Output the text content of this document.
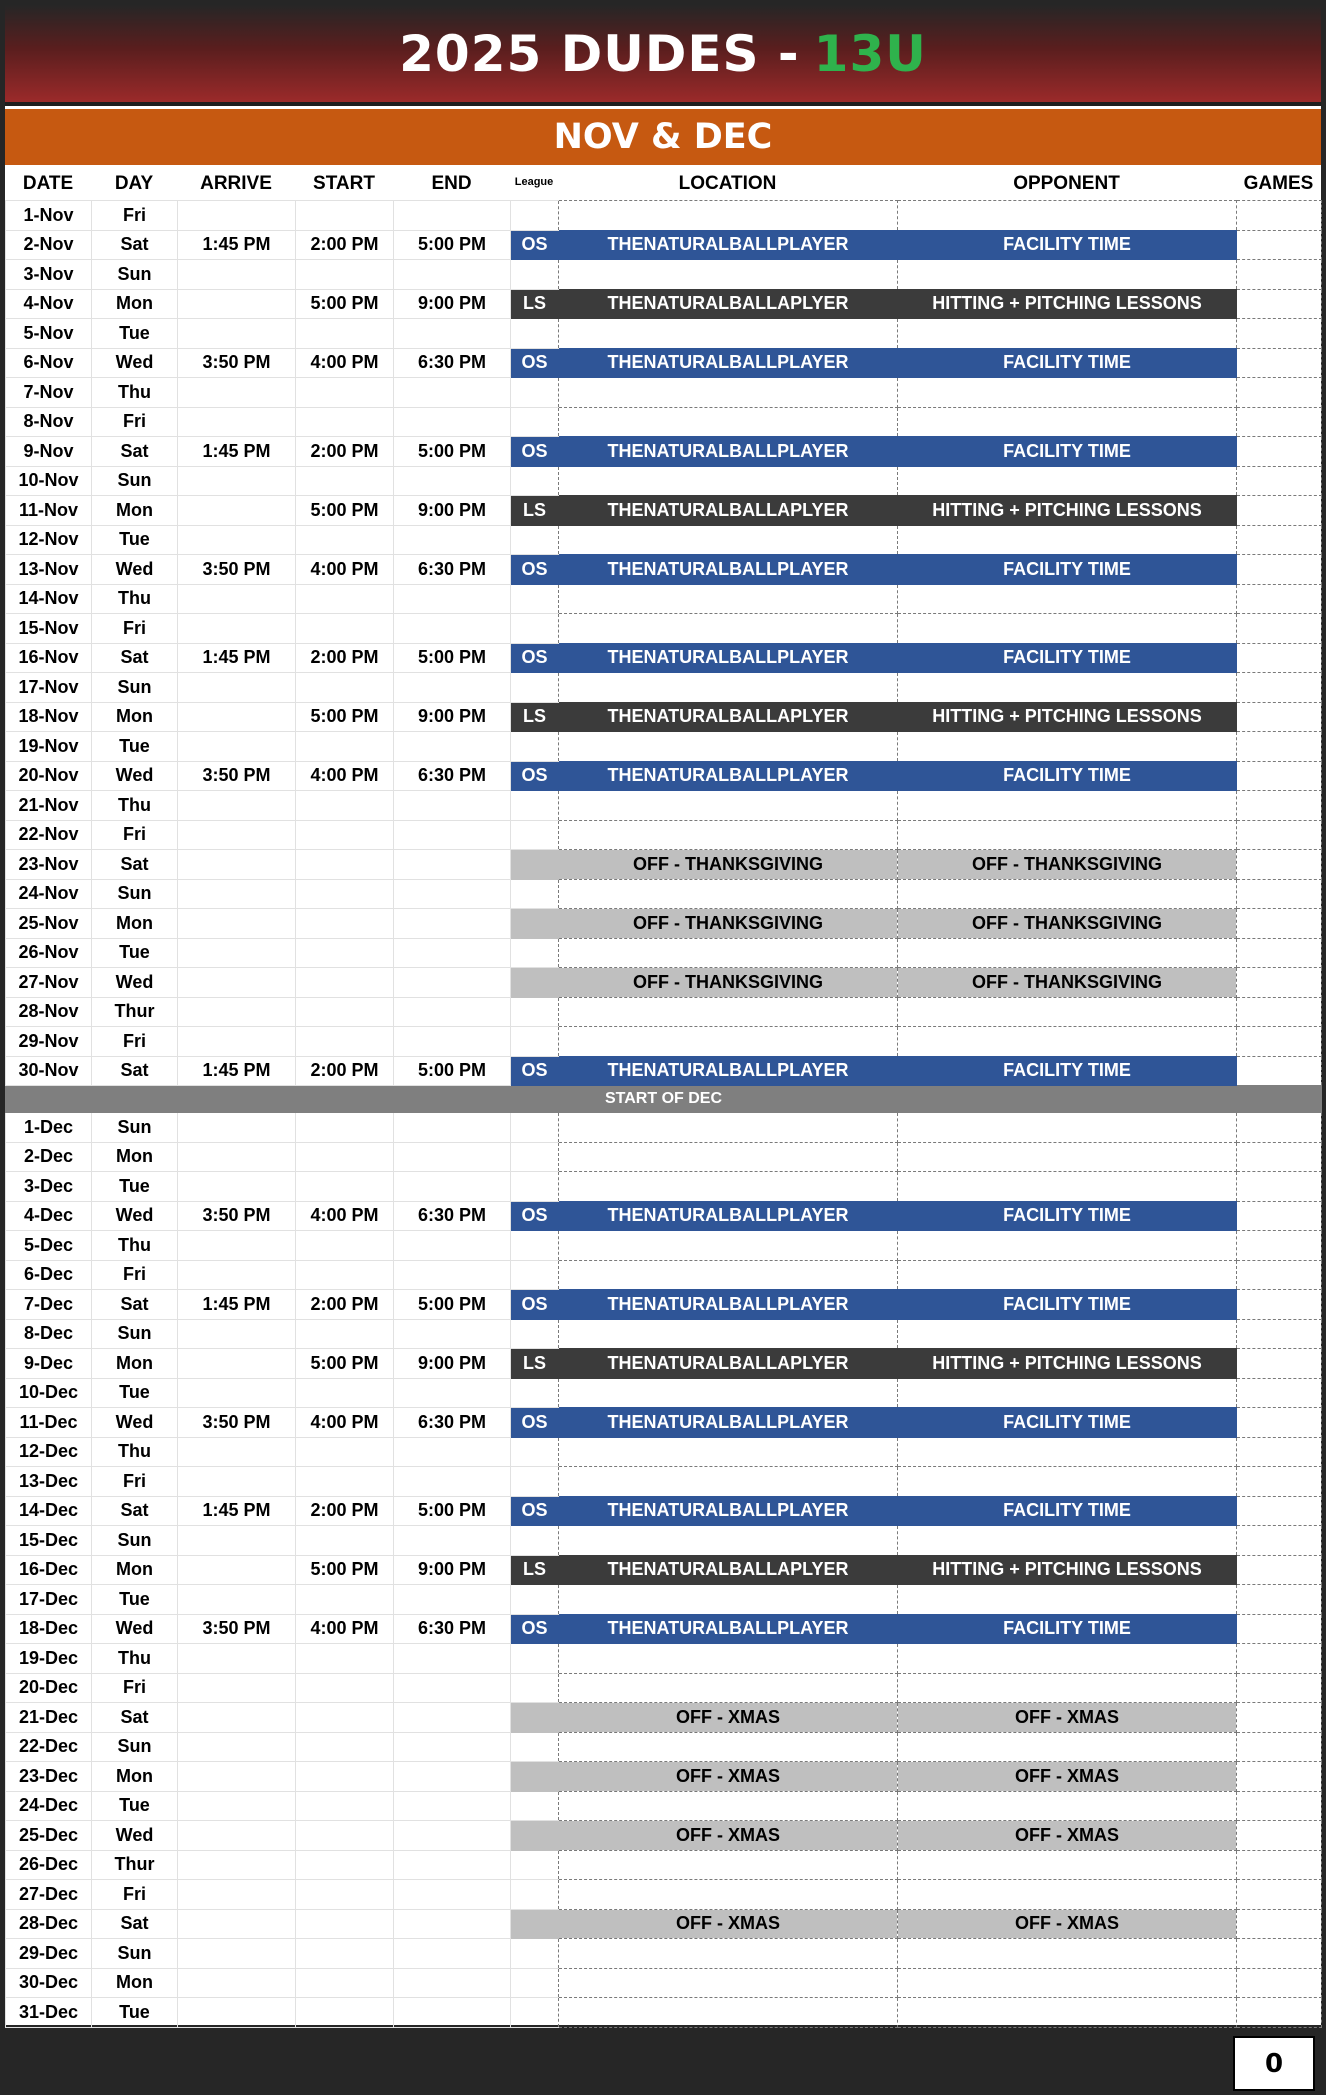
2025 DUDES - 13U
NOV & DEC
DATE	DAY	ARRIVE	START	END	League	LOCATION	OPPONENT	GAMES
1-Nov	Fri							
2-Nov	Sat	1:45 PM	2:00 PM	5:00 PM	OS	THENATURALBALLPLAYER	FACILITY TIME	
3-Nov	Sun							
4-Nov	Mon		5:00 PM	9:00 PM	LS	THENATURALBALLAPLYER	HITTING + PITCHING LESSONS	
5-Nov	Tue							
6-Nov	Wed	3:50 PM	4:00 PM	6:30 PM	OS	THENATURALBALLPLAYER	FACILITY TIME	
7-Nov	Thu							
8-Nov	Fri							
9-Nov	Sat	1:45 PM	2:00 PM	5:00 PM	OS	THENATURALBALLPLAYER	FACILITY TIME	
10-Nov	Sun							
11-Nov	Mon		5:00 PM	9:00 PM	LS	THENATURALBALLAPLYER	HITTING + PITCHING LESSONS	
12-Nov	Tue							
13-Nov	Wed	3:50 PM	4:00 PM	6:30 PM	OS	THENATURALBALLPLAYER	FACILITY TIME	
14-Nov	Thu							
15-Nov	Fri							
16-Nov	Sat	1:45 PM	2:00 PM	5:00 PM	OS	THENATURALBALLPLAYER	FACILITY TIME	
17-Nov	Sun							
18-Nov	Mon		5:00 PM	9:00 PM	LS	THENATURALBALLAPLYER	HITTING + PITCHING LESSONS	
19-Nov	Tue							
20-Nov	Wed	3:50 PM	4:00 PM	6:30 PM	OS	THENATURALBALLPLAYER	FACILITY TIME	
21-Nov	Thu							
22-Nov	Fri							
23-Nov	Sat					OFF - THANKSGIVING	OFF - THANKSGIVING	
24-Nov	Sun							
25-Nov	Mon					OFF - THANKSGIVING	OFF - THANKSGIVING	
26-Nov	Tue							
27-Nov	Wed					OFF - THANKSGIVING	OFF - THANKSGIVING	
28-Nov	Thur							
29-Nov	Fri							
30-Nov	Sat	1:45 PM	2:00 PM	5:00 PM	OS	THENATURALBALLPLAYER	FACILITY TIME	
START OF DEC								
1-Dec	Sun							
2-Dec	Mon							
3-Dec	Tue							
4-Dec	Wed	3:50 PM	4:00 PM	6:30 PM	OS	THENATURALBALLPLAYER	FACILITY TIME	
5-Dec	Thu							
6-Dec	Fri							
7-Dec	Sat	1:45 PM	2:00 PM	5:00 PM	OS	THENATURALBALLPLAYER	FACILITY TIME	
8-Dec	Sun							
9-Dec	Mon		5:00 PM	9:00 PM	LS	THENATURALBALLAPLYER	HITTING + PITCHING LESSONS	
10-Dec	Tue							
11-Dec	Wed	3:50 PM	4:00 PM	6:30 PM	OS	THENATURALBALLPLAYER	FACILITY TIME	
12-Dec	Thu							
13-Dec	Fri							
14-Dec	Sat	1:45 PM	2:00 PM	5:00 PM	OS	THENATURALBALLPLAYER	FACILITY TIME	
15-Dec	Sun							
16-Dec	Mon		5:00 PM	9:00 PM	LS	THENATURALBALLAPLYER	HITTING + PITCHING LESSONS	
17-Dec	Tue							
18-Dec	Wed	3:50 PM	4:00 PM	6:30 PM	OS	THENATURALBALLPLAYER	FACILITY TIME	
19-Dec	Thu							
20-Dec	Fri							
21-Dec	Sat					OFF - XMAS	OFF - XMAS	
22-Dec	Sun							
23-Dec	Mon					OFF - XMAS	OFF - XMAS	
24-Dec	Tue							
25-Dec	Wed					OFF - XMAS	OFF - XMAS	
26-Dec	Thur							
27-Dec	Fri							
28-Dec	Sat					OFF - XMAS	OFF - XMAS	
29-Dec	Sun							
30-Dec	Mon							
31-Dec	Tue							
0
